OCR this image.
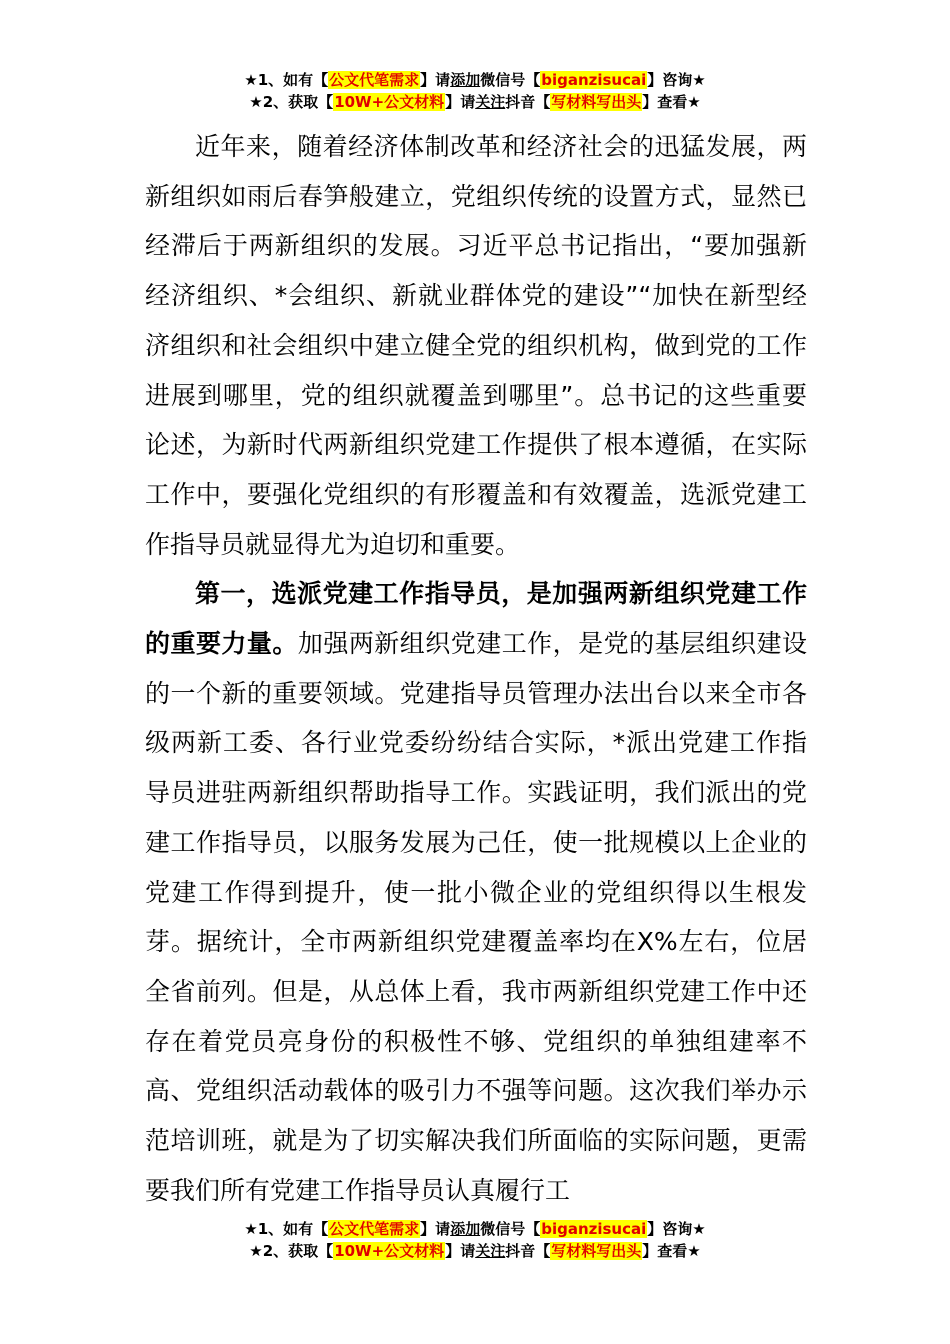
★1、如有【公文代笔需求】请添加微信号【biganzisucai】咨询★
★2、获取【10W+公文材料】请关注抖音【写材料写出头】查看★

近年来，随着经济体制改革和经济社会的迅猛发展，两新组织如雨后春笋般建立，党组织传统的设置方式，显然已经滞后于两新组织的发展。习近平总书记指出，“要加强新经济组织、*会组织、新就业群体党的建设”“加快在新型经济组织和社会组织中建立健全党的组织机构，做到党的工作进展到哪里，党的组织就覆盖到哪里”。总书记的这些重要论述，为新时代两新组织党建工作提供了根本遵循，在实际工作中，要强化党组织的有形覆盖和有效覆盖，选派党建工作指导员就显得尤为迫切和重要。

第一，选派党建工作指导员，是加强两新组织党建工作的重要力量。加强两新组织党建工作，是党的基层组织建设的一个新的重要领域。党建指导员管理办法出台以来全市各级两新工委、各行业党委纷纷结合实际，*派出党建工作指导员进驻两新组织帮助指导工作。实践证明，我们派出的党建工作指导员，以服务发展为己任，使一批规模以上企业的党建工作得到提升，使一批小微企业的党组织得以生根发芽。据统计，全市两新组织党建覆盖率均在X%左右，位居全省前列。但是，从总体上看，我市两新组织党建工作中还存在着党员亮身份的积极性不够、党组织的单独组建率不高、党组织活动载体的吸引力不强等问题。这次我们举办示范培训班，就是为了切实解决我们所面临的实际问题，更需要我们所有党建工作指导员认真履行工

★1、如有【公文代笔需求】请添加微信号【biganzisucai】咨询★
★2、获取【10W+公文材料】请关注抖音【写材料写出头】查看★
